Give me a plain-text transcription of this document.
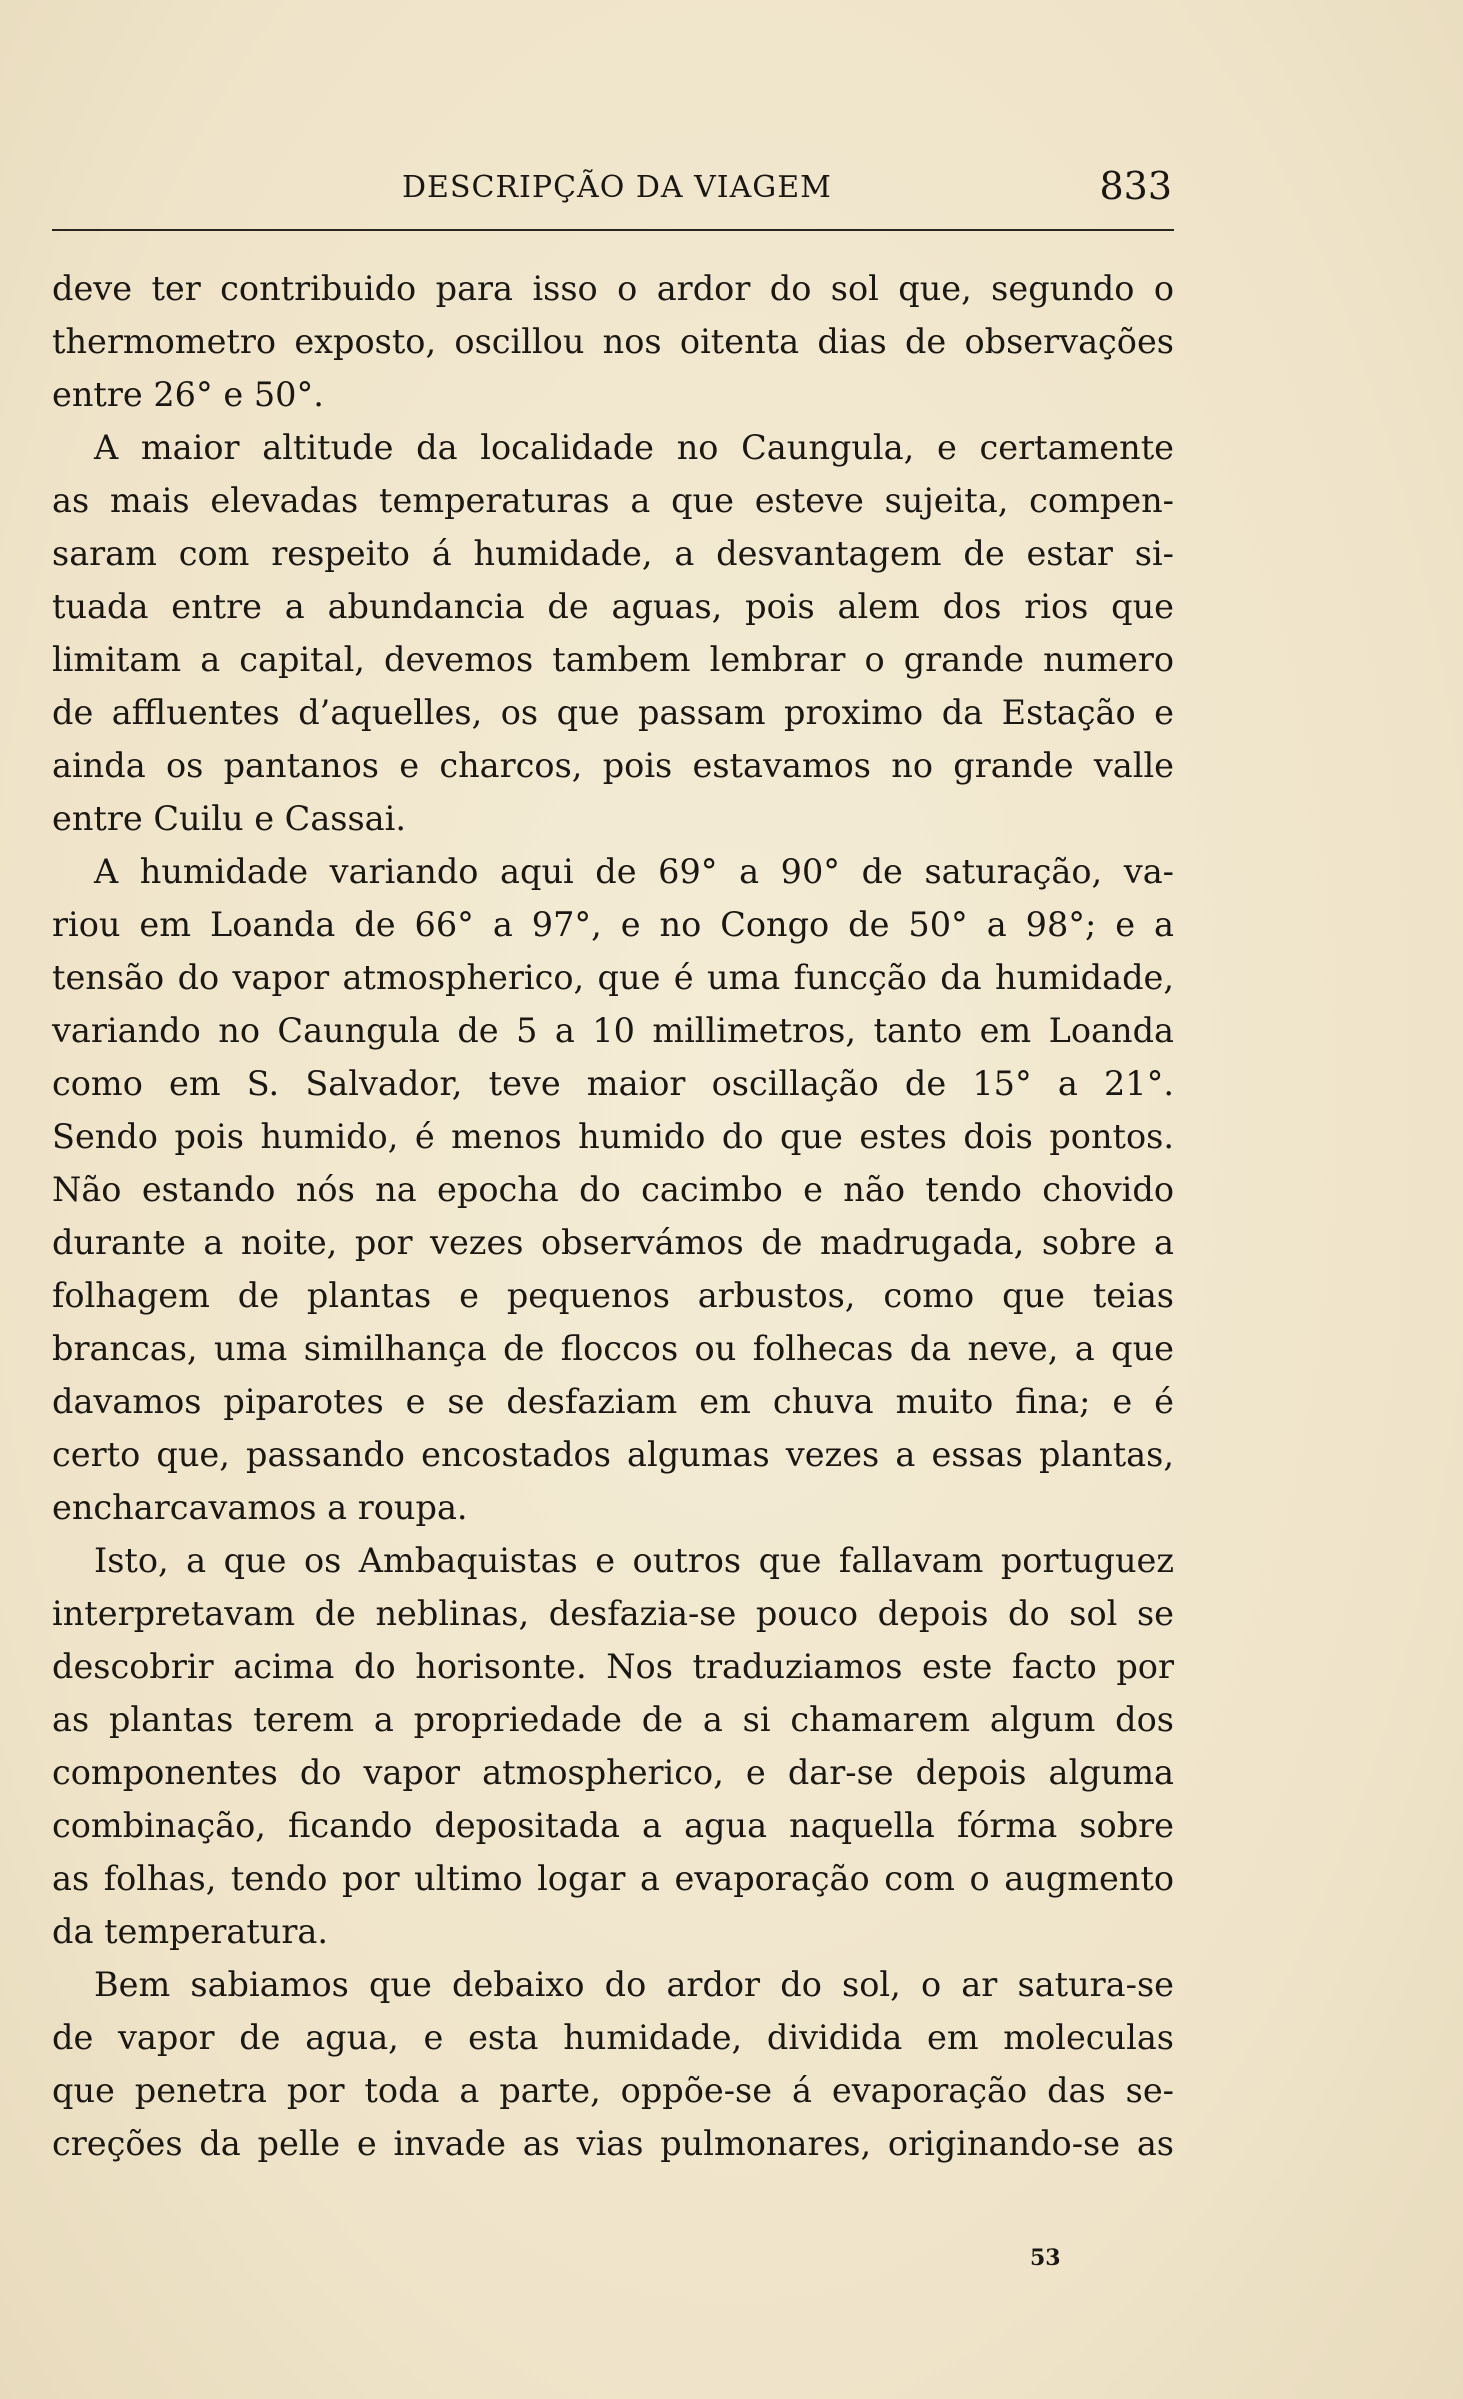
DESCRIPÇÃO DA VIAGEM	833
deve ter contribuido para isso o ardor do sol que, segundo o
thermometro exposto, oscillou nos oitenta dias de observações
entre 26° e 50°.
A maior altitude da localidade no Caungula, e certamente
as mais elevadas temperaturas a que esteve sujeita, compen-
saram com respeito á humidade, a desvantagem de estar si-
tuada entre a abundancia de aguas, pois alem dos rios que
limitam a capital, devemos tambem lembrar o grande numero
de affluentes d’aquelles, os que passam proximo da Estação e
ainda os pantanos e charcos, pois estavamos no grande valle
entre Cuilu e Cassai.
A humidade variando aqui de 69° a 90° de saturação, va-
riou em Loanda de 66° a 97°, e no Congo de 50° a 98°; e a
tensão do vapor atmospherico, que é uma funcção da humidade,
variando no Caungula de 5 a 10 millimetros, tanto em Loanda
como em S. Salvador, teve maior oscillação de 15° a 21°.
Sendo pois humido, é menos humido do que estes dois pontos.
Não estando nós na epocha do cacimbo e não tendo chovido
durante a noite, por vezes observámos de madrugada, sobre a
folhagem de plantas e pequenos arbustos, como que teias
brancas, uma similhança de floccos ou folhecas da neve, a que
davamos piparotes e se desfaziam em chuva muito fina; e é
certo que, passando encostados algumas vezes a essas plantas,
encharcavamos a roupa.
Isto, a que os Ambaquistas e outros que fallavam portuguez
interpretavam de neblinas, desfazia-se pouco depois do sol se
descobrir acima do horisonte. Nos traduziamos este facto por
as plantas terem a propriedade de a si chamarem algum dos
componentes do vapor atmospherico, e dar-se depois alguma
combinação, ficando depositada a agua naquella fórma sobre
as folhas, tendo por ultimo logar a evaporação com o augmento
da temperatura.
Bem sabiamos que debaixo do ardor do sol, o ar satura-se
de vapor de agua, e esta humidade, dividida em moleculas
que penetra por toda a parte, oppõe-se á evaporação das se-
creções da pelle e invade as vias pulmonares, originando-se as
53
